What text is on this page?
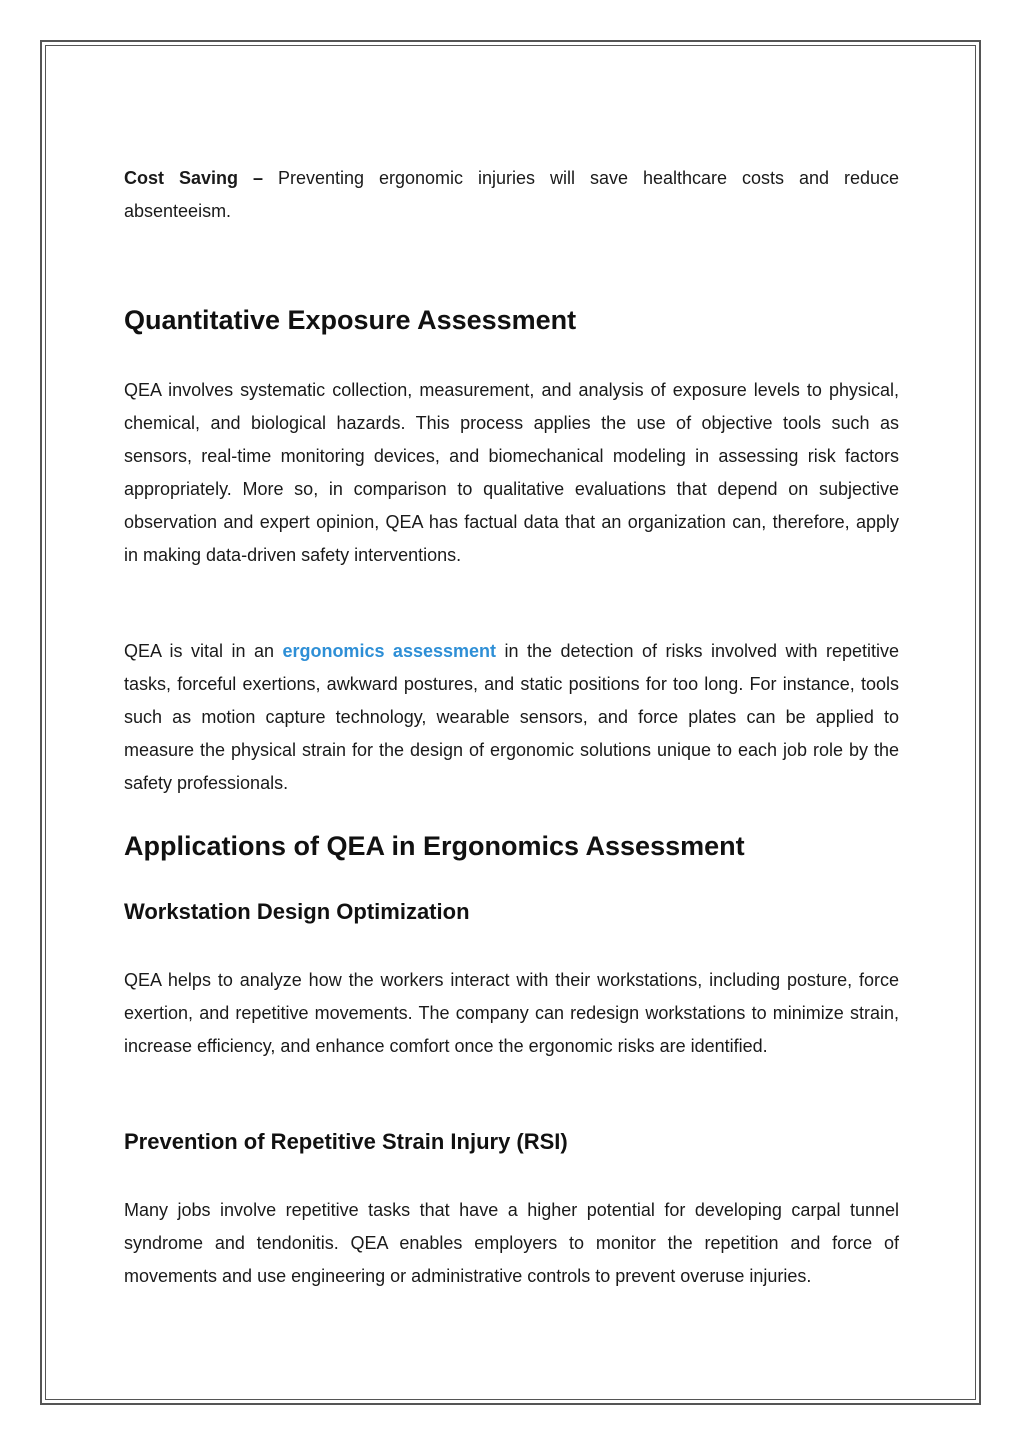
Cost Saving – Preventing ergonomic injuries will save healthcare costs and reduce absenteeism.

Quantitative Exposure Assessment

QEA involves systematic collection, measurement, and analysis of exposure levels to physical, chemical, and biological hazards. This process applies the use of objective tools such as sensors, real-time monitoring devices, and biomechanical modeling in assessing risk factors appropriately. More so, in comparison to qualitative evaluations that depend on subjective observation and expert opinion, QEA has factual data that an organization can, therefore, apply in making data-driven safety interventions.

QEA is vital in an ergonomics assessment in the detection of risks involved with repetitive tasks, forceful exertions, awkward postures, and static positions for too long. For instance, tools such as motion capture technology, wearable sensors, and force plates can be applied to measure the physical strain for the design of ergonomic solutions unique to each job role by the safety professionals.

Applications of QEA in Ergonomics Assessment
Workstation Design Optimization

QEA helps to analyze how the workers interact with their workstations, including posture, force exertion, and repetitive movements. The company can redesign workstations to minimize strain, increase efficiency, and enhance comfort once the ergonomic risks are identified.

Prevention of Repetitive Strain Injury (RSI)

Many jobs involve repetitive tasks that have a higher potential for developing carpal tunnel syndrome and tendonitis. QEA enables employers to monitor the repetition and force of movements and use engineering or administrative controls to prevent overuse injuries.
